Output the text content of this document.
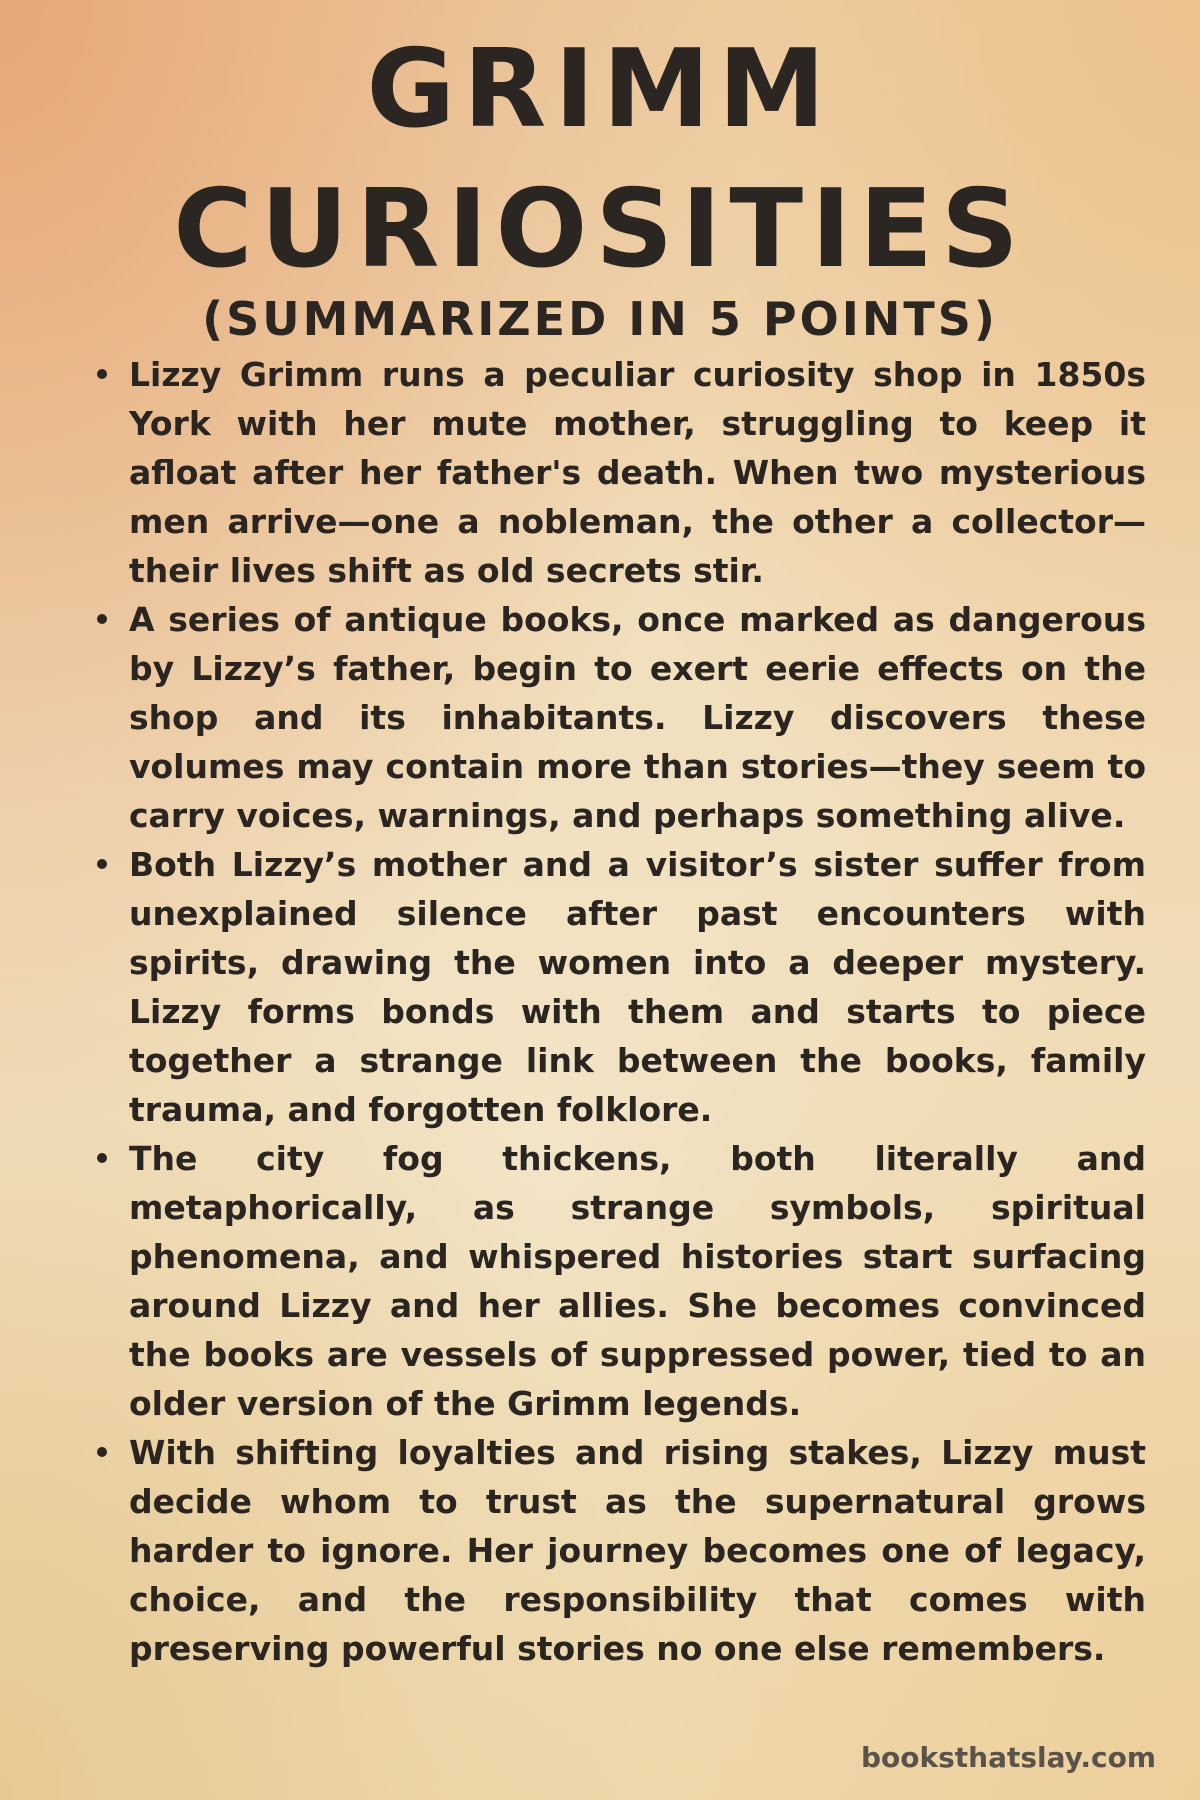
GRIMM
CURIOSITIES
(SUMMARIZED IN 5 POINTS)
Lizzy Grimm runs a peculiar curiosity shop in 1850s York with her mute mother, struggling to keep it afloat after her father's death. When two mysterious men arrive—one a nobleman, the other a collector—their lives shift as old secrets stir.
A series of antique books, once marked as dangerous by Lizzy’s father, begin to exert eerie effects on the shop and its inhabitants. Lizzy discovers these volumes may contain more than stories—they seem to carry voices, warnings, and perhaps something alive.
Both Lizzy’s mother and a visitor’s sister suffer from unexplained silence after past encounters with spirits, drawing the women into a deeper mystery. Lizzy forms bonds with them and starts to piece together a strange link between the books, family trauma, and forgotten folklore.
The city fog thickens, both literally and metaphorically, as strange symbols, spiritual phenomena, and whispered histories start surfacing around Lizzy and her allies. She becomes convinced the books are vessels of suppressed power, tied to an older version of the Grimm legends.
With shifting loyalties and rising stakes, Lizzy must decide whom to trust as the supernatural grows harder to ignore. Her journey becomes one of legacy, choice, and the responsibility that comes with preserving powerful stories no one else remembers.
booksthatslay.com
